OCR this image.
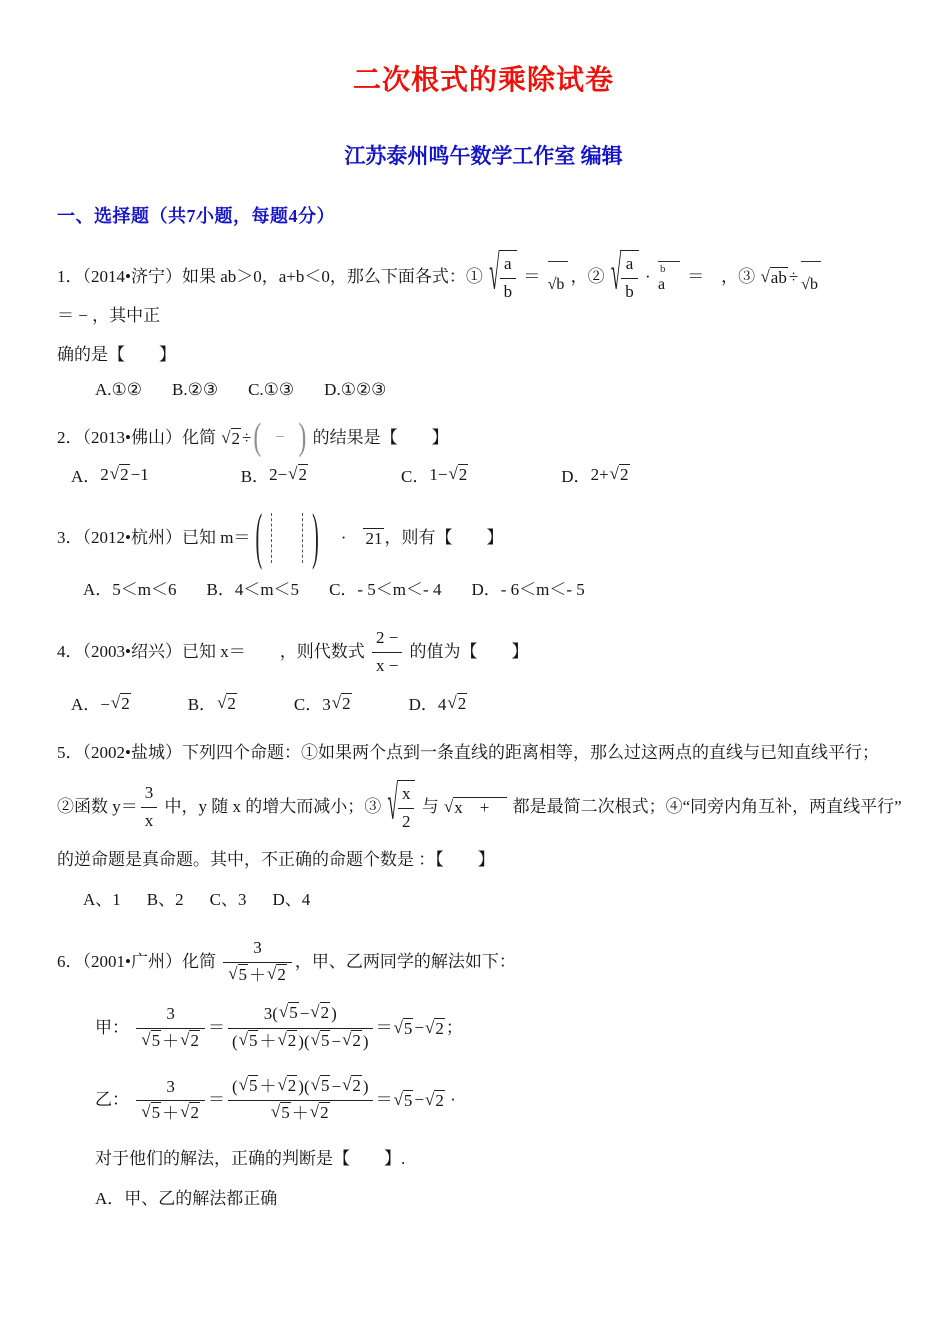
二次根式的乘除试卷
江苏泰州鸣午数学工作室 编辑
一、选择题（共7小题，每题4分）
1．（2014•济宁）如果 ab＞0，a+b＜0，那么下面各式：① √ $\frac{a}{b} = √b$ ，② √ $\frac{a}{b} \cdot b$
a ＝　，③ √ ab ÷ √b
＝ − ，其中正
确的是【　　】
A.①② B.②③ C.①③ D.①②③
2．（2013•佛山）化简 √ 2 ÷ ( − ) 的结果是【　　】
A． 2 √ 2 −1	B． 2− √ 2	C． 1− √ 2	D． 2+ √ 2
3．（2012•杭州）已知 m＝ (	) 　·　 21 ，则有【　　】
A．5＜m＜6 B．4＜m＜5 C．- 5＜m＜- 4 D．- 6＜m＜- 5
4．（2003•绍兴）已知 x＝　　，则代数式 $\frac{2 -}{x -}$ 的值为【　　】
A．− √ 2	B． √ 2	C．3 √ 2	D．4 √ 2
5．（2002•盐城）下列四个命题：①如果两个点到一条直线的距离相等，那么过这两点的直线与已知直线平行；
②函数 $y= \frac{3}{x}$ 中，y 随 x 的增大而减小；③ √ $\frac{x}{2}$ 与 √ x　+　 都是最简二次根式；④“同旁内角互补，两直线平行”
的逆命题是真命题。其中，不正确的命题个数是 ：【　　】
A、1 B、2 C、3 D、4
6．（2001•广州）化简 $\frac{3}{√ 5 + √ 2}$ ，甲、乙两同学的解法如下：
甲： $\frac{3}{√ 5 + √ 2} = \frac{3( √ 5 - √ 2 )}{( √ 5 + √ 2 )( √ 5 - √ 2 )}$ ＝ √ 5 − √ 2 ；
乙： $\frac{3}{√ 5 + √ 2} = \frac{( √ 5 + √ 2 )( √ 5 - √ 2 )}{√ 5 + √ 2}$ ＝ √ 5 − √ 2 ·
对于他们的解法，正确的判断是【　　】.
A．甲、乙的解法都正确
